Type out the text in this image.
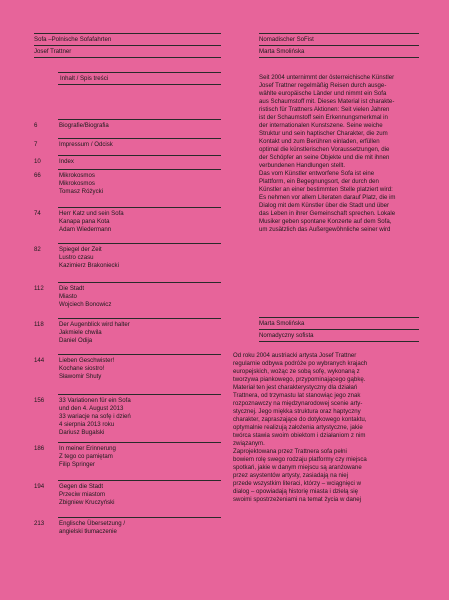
Sofa –Polnische Sofafahrten
Josef Trattner
Inhalt / Spis treści
6	Biografie/Biografia
7	Impressum / Odcisk
10	Index
66	Mikrokosmos
Mikrokosmos
Tomasz Różycki
74	Herr Katz und sein Sofa
Kanapa pana Kota
Adam Wiedermann
82	Spiegel der Zeit
Lustro czasu
Kazimierz Brakoniecki
112	Die Stadt
Miasto
Wojciech Bonowicz
118	Der Augenblick wird halter
Jakmiele chwila
Daniel Odija
144 Lieben Geschwister!
Kochane siostro!
Sławomir Shuty
156 33 Variationen für ein Sofa
und den 4. August 2013
33 wariacje na sofę i dzień
4 sierpnia 2013 roku
Dariusz Bugalski
186 In meiner Erinnerung
Z tego co pamiętam
Filip Springer
194 Gegen die Stadt
Przeciw miastom
Zbigniew Kruczyński
213 Englische Übersetzung /
angielski tłumaczenie
Nomadischer SoFist
Marta Smolińska
Seit 2004 unternimmt der österreichische Künstler
Josef Trattner regelmäßig Reisen durch ausge-
wählte europäische Länder und nimmt ein Sofa
aus Schaumstoff mit. Dieses Material ist charakte-
ristisch für Trattners Aktionen: Seit vielen Jahren
ist der Schaumstoff sein Erkennungsmerkmal in
der internationalen Kunstszene. Seine weiche
Struktur und sein haptischer Charakter, die zum
Kontakt und zum Berühren einladen, erfüllen
optimal die künstlerischen Voraussetzungen, die
der Schöpfer an seine Objekte und die mit ihnen
verbundenen Handlungen stellt.
Das vom Künstler entworfene Sofa ist eine
Plattform, ein Begegnungsort, der durch den
Künstler an einer bestimmten Stelle platziert wird:
Es nehmen vor allem Literaten darauf Platz, die im
Dialog mit dem Künstler über die Stadt und über
das Leben in ihrer Gemeinschaft sprechen. Lokale
Musiker geben spontane Konzerte auf dem Sofa,
um zusätzlich das Außergewöhnliche seiner wird
Marta Smolińska
Nomadyczny sofista
Od roku 2004 austriacki artysta Josef Trattner
regularnie odbywa podróże po wybranych krajach
europejskich, wożąc ze sobą sofę, wykonaną z
tworzywa piankowego, przypominającego gąbkę.
Materiał ten jest charakterystyczny dla działań
Trattnera, od trzymastu lat stanowiąc jego znak
rozpoznawczy na międzynarodowej scenie arty-
stycznej. Jego miękka struktura oraz haptyczny
charakter, zapraszające do dotykowego kontaktu,
optymalnie realizują założenia artystyczne, jakie
twórca stawia swoim obiektom i działaniom z nim
związanym.
Zaprojektowana przez Trattnera sofa pełni
bowiem rolę swego rodzaju platformy czy miejsca
spotkań, jakie w danym miejscu są aranżowane
przez asystentów artysty, zasiadają na niej
przede wszystkim literaci, którzy – wciągnięci w
dialog – opowiadają historię miasta i dzielą się
swoimi spostrzeżeniami na temat życia w danej
